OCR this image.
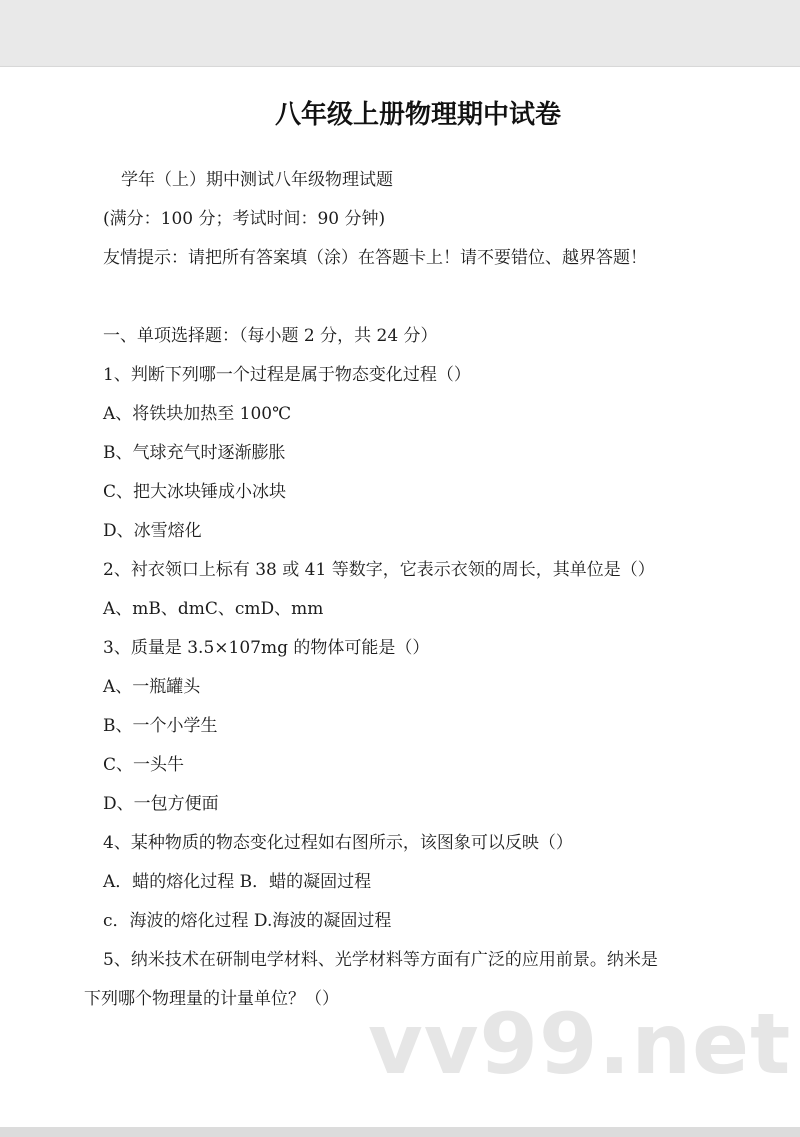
八年级上册物理期中试卷
学年（上）期中测试八年级物理试题
(满分：100 分；考试时间：90 分钟)
友情提示：请把所有答案填（涂）在答题卡上！请不要错位、越界答题！
一、单项选择题：（每小题 2 分，共 24 分）
1、判断下列哪一个过程是属于物态变化过程（）
A、将铁块加热至 100℃
B、气球充气时逐渐膨胀
C、把大冰块锤成小冰块
D、冰雪熔化
2、衬衣领口上标有 38 或 41 等数字，它表示衣领的周长，其单位是（）
A、mB、dmC、cmD、mm
3、质量是 3.5×107mg 的物体可能是（）
A、一瓶罐头
B、一个小学生
C、一头牛
D、一包方便面
4、某种物质的物态变化过程如右图所示，该图象可以反映（）
A．蜡的熔化过程 B．蜡的凝固过程
c．海波的熔化过程 D.海波的凝固过程
5、纳米技术在研制电学材料、光学材料等方面有广泛的应用前景。纳米是
下列哪个物理量的计量单位？（） vv99.net
